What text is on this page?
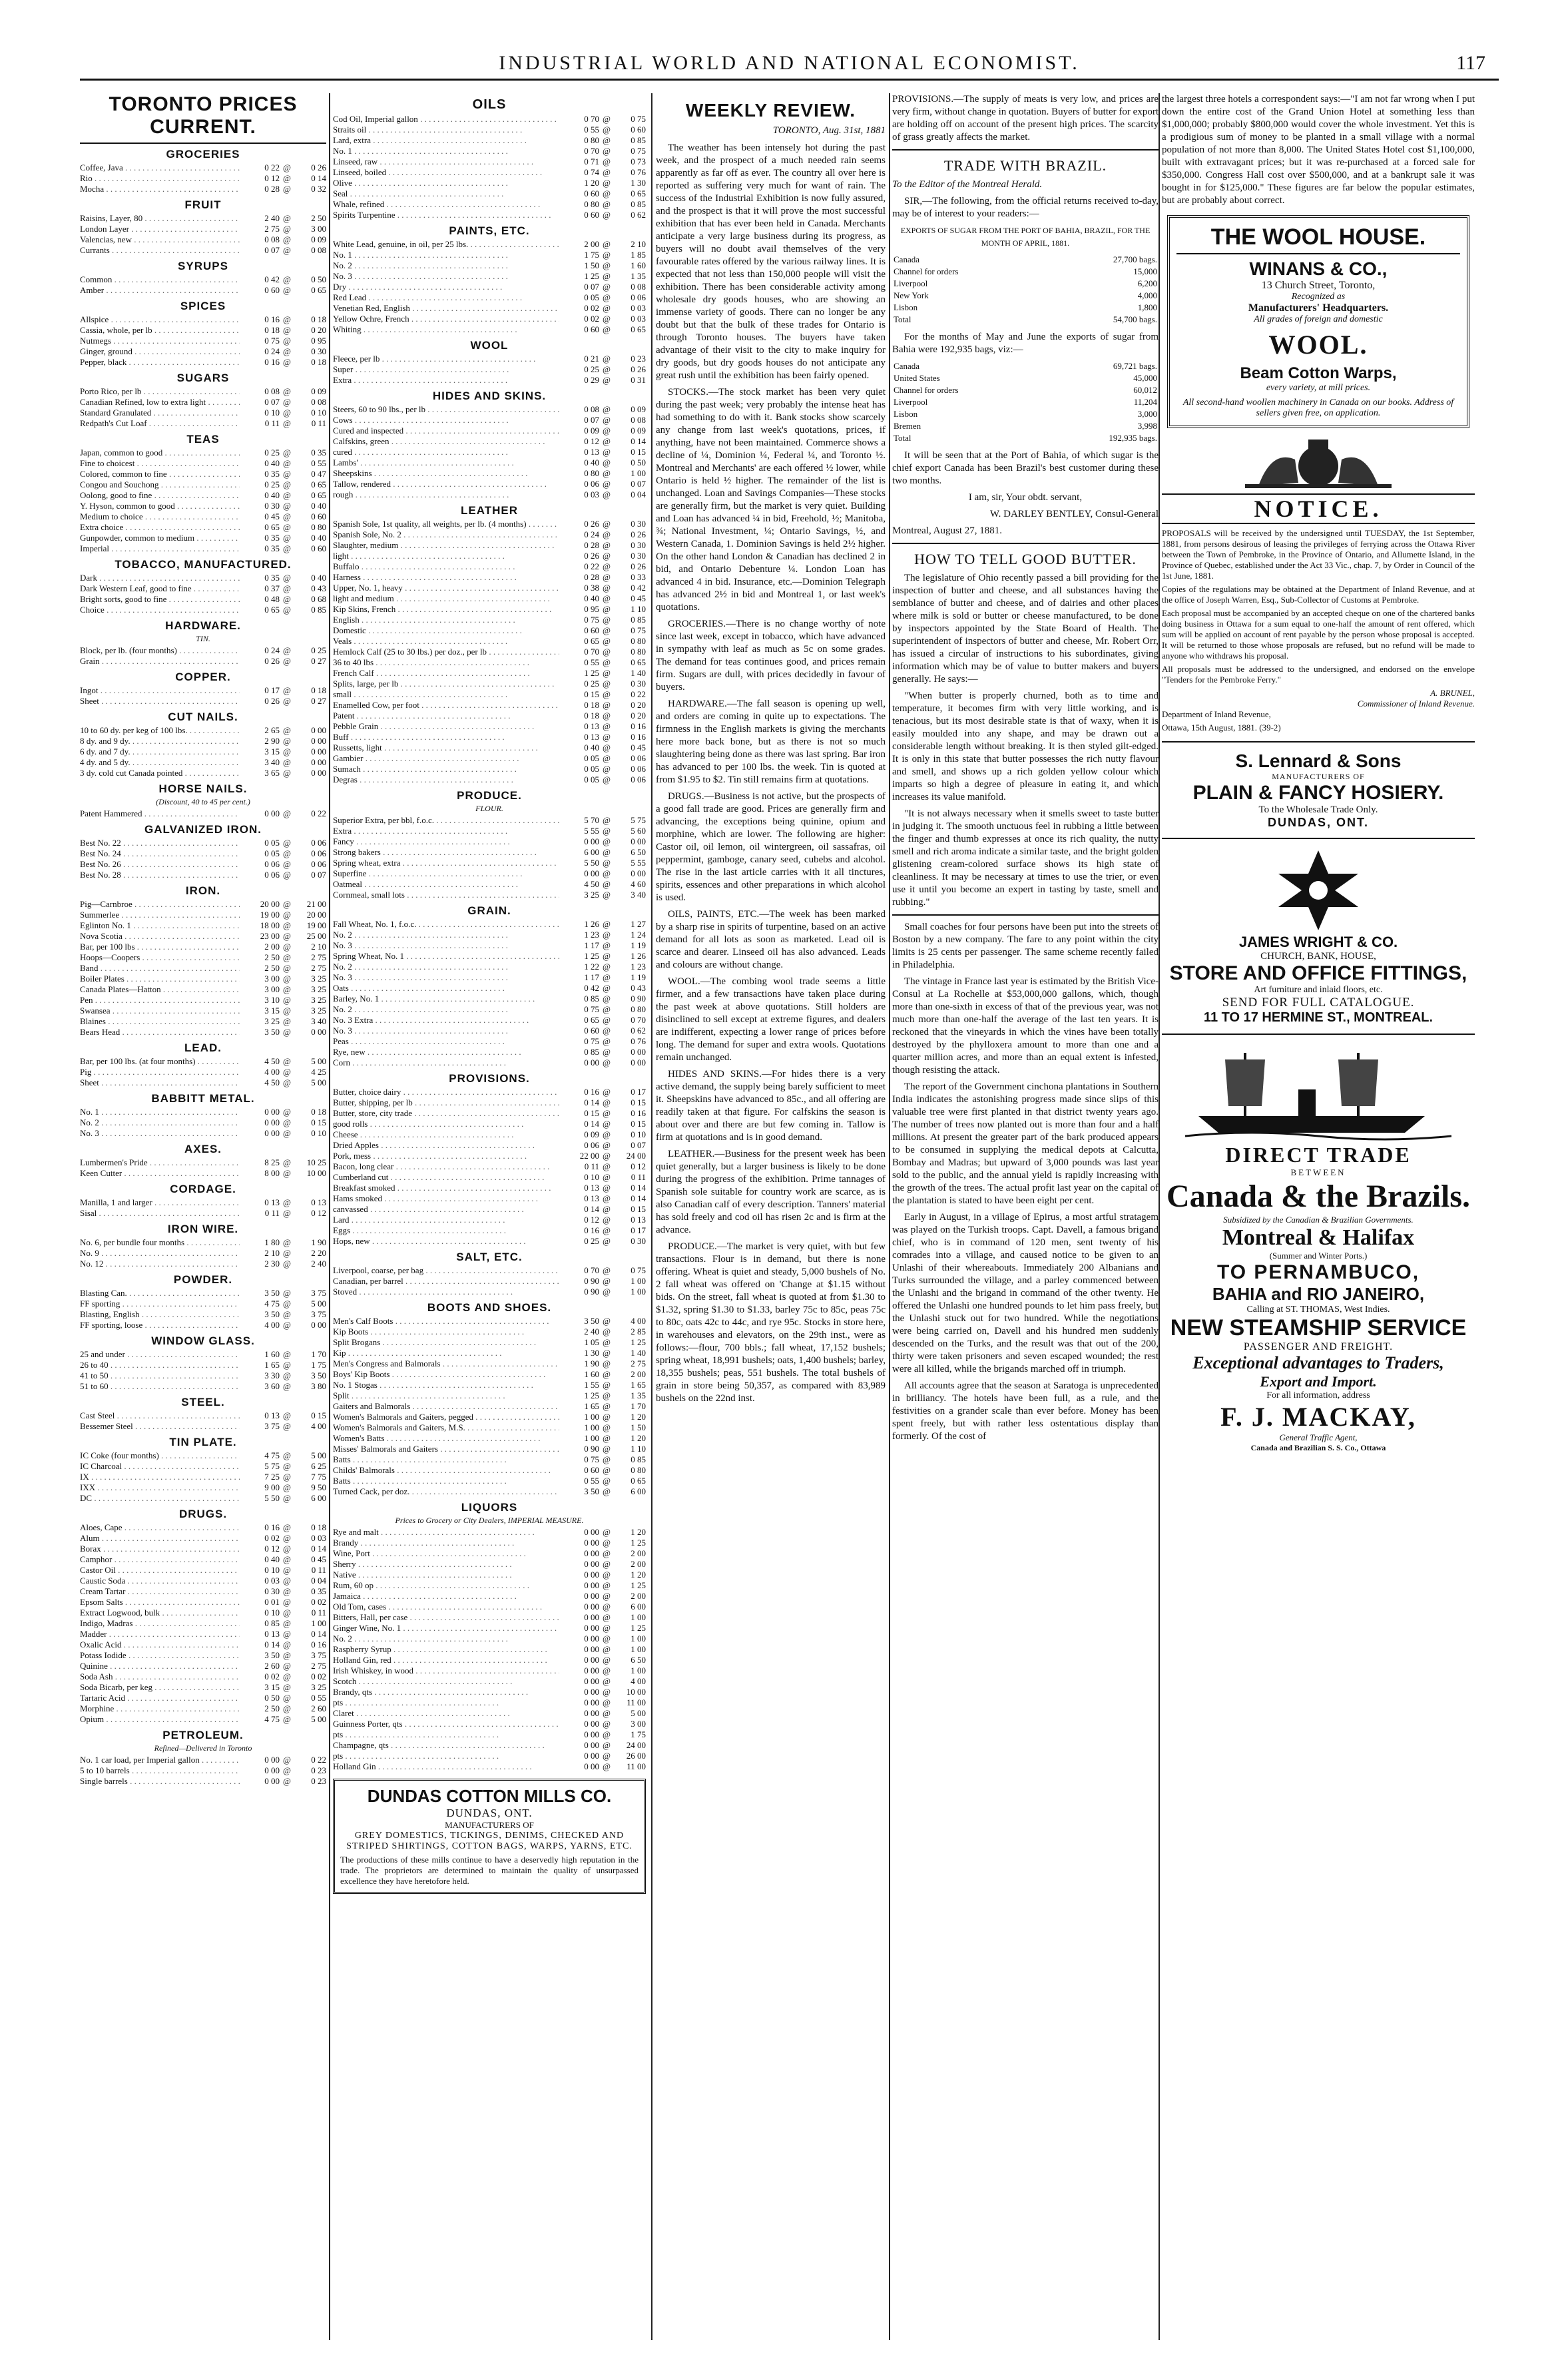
INDUSTRIAL WORLD AND NATIONAL ECONOMIST.	117
TORONTO PRICES CURRENT.
GROCERIES
Coffee, Java . . .	0 22 @	0 26
Rio . . .	0 12 @	0 14
Mocha . . .	0 28 @	0 32
FRUIT
Raisins, Layer, 80 . . .	2 40 @	2 50
London Layer . . .	2 75 @	3 00
Valencias, new . . .	0 08 @	0 09
Currants . . .	0 07 @	0 08
SYRUPS
Common . . .	0 42 @	0 50
Amber . . .	0 60 @	0 65
SPICES
Allspice . . .	0 16 @	0 18
Cassia, whole, per lb . . .	0 18 @	0 20
Nutmegs . . .	0 75 @	0 95
Ginger, ground . . .	0 24 @	0 30
Pepper, black . . .	0 16 @	0 18
SUGARS
Porto Rico, per lb . . .	0 08 @	0 09
Canadian Refined, low to extra light . . .	0 07 @	0 08
Standard Granulated . . .	0 10 @	0 10
Redpath's Cut Loaf . . .	0 11 @	0 11
TEAS
Japan, common to good . . .	0 25 @	0 35
Fine to choicest . . .	0 40 @	0 55
Colored, common to fine . . .	0 35 @	0 47
Congou and Souchong . . .	0 25 @	0 65
Oolong, good to fine . . .	0 40 @	0 65
Y. Hyson, common to good . . .	0 30 @	0 40
Medium to choice . . .	0 45 @	0 60
Extra choice . . .	0 65 @	0 80
Gunpowder, common to medium . . .	0 35 @	0 40
Imperial . . .	0 35 @	0 60
TOBACCO, MANUFACTURED.
Dark . . .	0 35 @	0 40
Dark Western Leaf, good to fine . . .	0 37 @	0 43
Bright sorts, good to fine . . .	0 48 @	0 68
Choice . . .	0 65 @	0 85
HARDWARE.
TIN.
Block, per lb. (four months) . . .	0 24 @	0 25
Grain . . .	0 26 @	0 27
COPPER.
Ingot . . .	0 17 @	0 18
Sheet . . .	0 26 @	0 27
CUT NAILS.
10 to 60 dy. per keg of 100 lbs. . . .	2 65 @	0 00
8 dy. and 9 dy. . . .	2 90 @	0 00
6 dy. and 7 dy. . . .	3 15 @	0 00
4 dy. and 5 dy. . . .	3 40 @	0 00
3 dy. cold cut Canada pointed . . .	3 65 @	0 00
HORSE NAILS.
(Discount, 40 to 45 per cent.)
Patent Hammered . . .	0 00 @	0 22
GALVANIZED IRON.
Best No. 22 . . .	0 05 @	0 06
Best No. 24 . . .	0 05 @	0 06
Best No. 26 . . .	0 06 @	0 06
Best No. 28 . . .	0 06 @	0 07
IRON.
Pig—Carnbroe . . .	20 00 @	21 00
Summerlee . . .	19 00 @	20 00
Eglinton No. 1 . . .	18 00 @	19 00
Nova Scotia . . .	23 00 @	25 00
Bar, per 100 lbs . . .	2 00 @	2 10
Hoops—Coopers . . .	2 50 @	2 75
Band . . .	2 50 @	2 75
Boiler Plates . . .	3 00 @	3 25
Canada Plates—Hatton . . .	3 00 @	3 25
Pen . . .	3 10 @	3 25
Swansea . . .	3 15 @	3 25
Blaines . . .	3 25 @	3 40
Bears Head . . .	3 50 @	0 00
LEAD.
Bar, per 100 lbs. (at four months) . . .	4 50 @	5 00
Pig . . .	4 00 @	4 25
Sheet . . .	4 50 @	5 00
BABBITT METAL.
No. 1 . . .	0 00 @	0 18
No. 2 . . .	0 00 @	0 15
No. 3 . . .	0 00 @	0 10
AXES.
Lumbermen's Pride . . .	8 25 @	10 25
Keen Cutter . . .	8 00 @	10 00
CORDAGE.
Manilla, 1 and larger . . .	0 13 @	0 13
Sisal . . .	0 11 @	0 12
IRON WIRE.
No. 6, per bundle four months . . .	1 80 @	1 90
No. 9 . . .	2 10 @	2 20
No. 12 . . .	2 30 @	2 40
POWDER.
Blasting Can. . . .	3 50 @	3 75
FF sporting . . .	4 75 @	5 00
Blasting, English . . .	3 50 @	3 75
FF sporting, loose . . .	4 00 @	0 00
WINDOW GLASS.
25 and under . . .	1 60 @	1 70
26 to 40 . . .	1 65 @	1 75
41 to 50 . . .	3 30 @	3 50
51 to 60 . . .	3 60 @	3 80
STEEL.
Cast Steel . . .	0 13 @	0 15
Bessemer Steel . . .	3 75 @	4 00
TIN PLATE.
IC Coke (four months) . . .	4 75 @	5 00
IC Charcoal . . .	5 75 @	6 25
IX . . .	7 25 @	7 75
IXX . . .	9 00 @	9 50
DC . . .	5 50 @	6 00
DRUGS.
Aloes, Cape . . .	0 16 @	0 18
Alum . . .	0 02 @	0 03
Borax . . .	0 12 @	0 14
Camphor . . .	0 40 @	0 45
Castor Oil . . .	0 10 @	0 11
Caustic Soda . . .	0 03 @	0 04
Cream Tartar . . .	0 30 @	0 35
Epsom Salts . . .	0 01 @	0 02
Extract Logwood, bulk . . .	0 10 @	0 11
Indigo, Madras . . .	0 85 @	1 00
Madder . . .	0 13 @	0 14
Oxalic Acid . . .	0 14 @	0 16
Potass Iodide . . .	3 50 @	3 75
Quinine . . .	2 60 @	2 75
Soda Ash . . .	0 02 @	0 02
Soda Bicarb, per keg . . .	3 15 @	3 25
Tartaric Acid . . .	0 50 @	0 55
Morphine . . .	2 50 @	2 60
Opium . . .	4 75 @	5 00
PETROLEUM.
Refined—Delivered in Toronto
No. 1 car load, per Imperial gallon . . .	0 00 @	0 22
5 to 10 barrels . . .	0 00 @	0 23
Single barrels . . .	0 00 @	0 23
OILS
Cod Oil, Imperial gallon . . .	0 70 @	0 75
Straits oil . . .	0 55 @	0 60
Lard, extra . . .	0 80 @	0 85
No. 1 . . .	0 70 @	0 75
Linseed, raw . . .	0 71 @	0 73
Linseed, boiled . . .	0 74 @	0 76
Olive . . .	1 20 @	1 30
Seal . . .	0 60 @	0 65
Whale, refined . . .	0 80 @	0 85
Spirits Turpentine . . .	0 60 @	0 62
PAINTS, ETC.
White Lead, genuine, in oil, per 25 lbs. . . .	2 00 @	2 10
No. 1 . . .	1 75 @	1 85
No. 2 . . .	1 50 @	1 60
No. 3 . . .	1 25 @	1 35
Dry . . .	0 07 @	0 08
Red Lead . . .	0 05 @	0 06
Venetian Red, English . . .	0 02 @	0 03
Yellow Ochre, French . . .	0 02 @	0 03
Whiting . . .	0 60 @	0 65
WOOL
Fleece, per lb . . .	0 21 @	0 23
Super . . .	0 25 @	0 26
Extra . . .	0 29 @	0 31
HIDES AND SKINS.
Steers, 60 to 90 lbs., per lb . . .	0 08 @	0 09
Cows . . .	0 07 @	0 08
Cured and inspected . . .	0 09 @	0 09
Calfskins, green . . .	0 12 @	0 14
cured . . .	0 13 @	0 15
Lambs' . . .	0 40 @	0 50
Sheepskins . . .	0 80 @	1 00
Tallow, rendered . . .	0 06 @	0 07
rough . . .	0 03 @	0 04
LEATHER
Spanish Sole, 1st quality, all weights, per lb. (4 months) . . .	0 26 @	0 30
Spanish Sole, No. 2 . . .	0 24 @	0 26
Slaughter, medium . . .	0 28 @	0 30
light . . .	0 26 @	0 30
Buffalo . . .	0 22 @	0 26
Harness . . .	0 28 @	0 33
Upper, No. 1, heavy . . .	0 38 @	0 42
light and medium . . .	0 40 @	0 45
Kip Skins, French . . .	0 95 @	1 10
English . . .	0 75 @	0 85
Domestic . . .	0 60 @	0 75
Veals . . .	0 65 @	0 80
Hemlock Calf (25 to 30 lbs.) per doz., per lb . . .	0 70 @	0 80
36 to 40 lbs . . .	0 55 @	0 65
French Calf . . .	1 25 @	1 40
Splits, large, per lb . . .	0 25 @	0 30
small . . .	0 15 @	0 22
Enamelled Cow, per foot . . .	0 18 @	0 20
Patent . . .	0 18 @	0 20
Pebble Grain . . .	0 13 @	0 16
Buff . . .	0 13 @	0 16
Russetts, light . . .	0 40 @	0 45
Gambier . . .	0 05 @	0 06
Sumach . . .	0 05 @	0 06
Degras . . .	0 05 @	0 06
PRODUCE.
FLOUR.
Superior Extra, per bbl, f.o.c. . . .	5 70 @	5 75
Extra . . .	5 55 @	5 60
Fancy . . .	0 00 @	0 00
Strong bakers . . .	6 00 @	6 50
Spring wheat, extra . . .	5 50 @	5 55
Superfine . . .	0 00 @	0 00
Oatmeal . . .	4 50 @	4 60
Cornmeal, small lots . . .	3 25 @	3 40
GRAIN.
Fall Wheat, No. 1, f.o.c. . . .	1 26 @	1 27
No. 2 . . .	1 23 @	1 24
No. 3 . . .	1 17 @	1 19
Spring Wheat, No. 1 . . .	1 25 @	1 26
No. 2 . . .	1 22 @	1 23
No. 3 . . .	1 17 @	1 19
Oats . . .	0 42 @	0 43
Barley, No. 1 . . .	0 85 @	0 90
No. 2 . . .	0 75 @	0 80
No. 3 Extra . . .	0 65 @	0 70
No. 3 . . .	0 60 @	0 62
Peas . . .	0 75 @	0 76
Rye, new . . .	0 85 @	0 00
Corn . . .	0 00 @	0 00
PROVISIONS.
Butter, choice dairy . . .	0 16 @	0 17
Butter, shipping, per lb . . .	0 14 @	0 15
Butter, store, city trade . . .	0 15 @	0 16
good rolls . . .	0 14 @	0 15
Cheese . . .	0 09 @	0 10
Dried Apples . . .	0 06 @	0 07
Pork, mess . . .	22 00 @	24 00
Bacon, long clear . . .	0 11 @	0 12
Cumberland cut . . .	0 10 @	0 11
Breakfast smoked . . .	0 13 @	0 14
Hams smoked . . .	0 13 @	0 14
canvassed . . .	0 14 @	0 15
Lard . . .	0 12 @	0 13
Eggs . . .	0 16 @	0 17
Hops, new . . .	0 25 @	0 30
SALT, ETC.
Liverpool, coarse, per bag . . .	0 70 @	0 75
Canadian, per barrel . . .	0 90 @	1 00
Stoved . . .	0 90 @	1 00
BOOTS AND SHOES.
Men's Calf Boots . . .	3 50 @	4 00
Kip Boots . . .	2 40 @	2 85
Split Brogans . . .	1 05 @	1 25
Kip . . .	1 30 @	1 40
Men's Congress and Balmorals . . .	1 90 @	2 75
Boys' Kip Boots . . .	1 60 @	2 00
No. 1 Stogas . . .	1 55 @	1 65
Split . . .	1 25 @	1 35
Gaiters and Balmorals . . .	1 65 @	1 70
Women's Balmorals and Gaiters, pegged . . .	1 00 @	1 20
Women's Balmorals and Gaiters, M.S. . . .	1 00 @	1 50
Women's Batts . . .	1 00 @	1 20
Misses' Balmorals and Gaiters . . .	0 90 @	1 10
Batts . . .	0 75 @	0 85
Childs' Balmorals . . .	0 60 @	0 80
Batts . . .	0 55 @	0 65
Turned Cack, per doz. . . .	3 50 @	6 00
LIQUORS
Prices to Grocery or City Dealers, IMPERIAL MEASURE.
Rye and malt . . .	0 00 @	1 20
Brandy . . .	0 00 @	1 25
Wine, Port . . .	0 00 @	2 00
Sherry . . .	0 00 @	2 00
Native . . .	0 00 @	1 20
Rum, 60 op . . .	0 00 @	1 25
Jamaica . . .	0 00 @	2 00
Old Tom, cases . . .	0 00 @	6 00
Bitters, Hall, per case . . .	0 00 @	1 00
Ginger Wine, No. 1 . . .	0 00 @	1 25
No. 2 . . .	0 00 @	1 00
Raspberry Syrup . . .	0 00 @	1 00
Holland Gin, red . . .	0 00 @	6 50
Irish Whiskey, in wood . . .	0 00 @	1 00
Scotch . . .	0 00 @	4 00
Brandy, qts . . .	0 00 @	10 00
pts . . .	0 00 @	11 00
Claret . . .	0 00 @	5 00
Guinness Porter, qts . . .	0 00 @	3 00
pts . . .	0 00 @	1 75
Champagne, qts . . .	0 00 @	24 00
pts . . .	0 00 @	26 00
Holland Gin . . .	0 00 @	11 00
DUNDAS COTTON MILLS CO.
DUNDAS, ONT.
MANUFACTURERS OF
GREY DOMESTICS, TICKINGS, DENIMS, CHECKED AND STRIPED SHIRTINGS, COTTON BAGS, WARPS, YARNS, ETC.
The productions of these mills continue to have a deservedly high reputation in the trade. The proprietors are determined to maintain the quality of unsurpassed excellence they have heretofore held.
WEEKLY REVIEW.
TORONTO, Aug. 31st, 1881

The weather has been intensely hot during the past week, and the prospect of a much needed rain seems apparently as far off as ever. The country all over here is reported as suffering very much for want of rain. The success of the Industrial Exhibition is now fully assured, and the prospect is that it will prove the most successful exhibition that has ever been held in Canada. Merchants anticipate a very large business during its progress, as buyers will no doubt avail themselves of the very favourable rates offered by the various railway lines. It is expected that not less than 150,000 people will visit the exhibition. There has been considerable activity among wholesale dry goods houses, who are showing an immense variety of goods. There can no longer be any doubt but that the bulk of these trades for Ontario is through Toronto houses. The buyers have taken advantage of their visit to the city to make inquiry for dry goods, but dry goods houses do not anticipate any great rush until the exhibition has been fairly opened.

STOCKS.—The stock market has been very quiet during the past week; very probably the intense heat has had something to do with it. Bank stocks show scarcely any change from last week's quotations, prices, if anything, have not been maintained. Commerce shows a decline of ¼, Dominion ¼, Federal ¼, and Toronto ½. Montreal and Merchants' are each offered ½ lower, while Ontario is held ½ higher. The remainder of the list is unchanged. Loan and Savings Companies—These stocks are generally firm, but the market is very quiet. Building and Loan has advanced ¼ in bid, Freehold, ½; Manitoba, ¾; National Investment, ¼; Ontario Savings, ½, and Western Canada, 1. Dominion Savings is held 2½ higher. On the other hand London & Canadian has declined 2 in bid, and Ontario Debenture ¼. London Loan has advanced 4 in bid. Insurance, etc.—Dominion Telegraph has advanced 2½ in bid and Montreal 1, or last week's quotations.

GROCERIES.—There is no change worthy of note since last week, except in tobacco, which have advanced in sympathy with leaf as much as 5c on some grades. The demand for teas continues good, and prices remain firm. Sugars are dull, with prices decidedly in favour of buyers.

HARDWARE.—The fall season is opening up well, and orders are coming in quite up to expectations. The firmness in the English markets is giving the merchants here more back bone, but as there is not so much slaughtering being done as there was last spring. Bar iron has advanced to per 100 lbs. the week. Tin is quoted at from $1.95 to $2. Tin still remains firm at quotations.

DRUGS.—Business is not active, but the prospects of a good fall trade are good. Prices are generally firm and advancing, the exceptions being quinine, opium and morphine, which are lower. The following are higher: Castor oil, oil lemon, oil wintergreen, oil sassafras, oil peppermint, gamboge, canary seed, cubebs and alcohol. The rise in the last article carries with it all tinctures, spirits, essences and other preparations in which alcohol is used.

OILS, PAINTS, ETC.—The week has been marked by a sharp rise in spirits of turpentine, based on an active demand for all lots as soon as marketed. Lead oil is scarce and dearer. Linseed oil has also advanced. Leads and colours are without change.

WOOL.—The combing wool trade seems a little firmer, and a few transactions have taken place during the past week at above quotations. Still holders are disinclined to sell except at extreme figures, and dealers are indifferent, expecting a lower range of prices before long. The demand for super and extra wools. Quotations remain unchanged.

HIDES AND SKINS.—For hides there is a very active demand, the supply being barely sufficient to meet it. Sheepskins have advanced to 85c., and all offering are readily taken at that figure. For calfskins the season is about over and there are but few coming in. Tallow is firm at quotations and is in good demand.

LEATHER.—Business for the present week has been quiet generally, but a larger business is likely to be done during the progress of the exhibition. Prime tannages of Spanish sole suitable for country work are scarce, as is also Canadian calf of every description. Tanners' material has sold freely and cod oil has risen 2c and is firm at the advance.

PRODUCE.—The market is very quiet, with but few transactions. Flour is in demand, but there is none offering. Wheat is quiet and steady, 5,000 bushels of No. 2 fall wheat was offered on 'Change at $1.15 without bids. On the street, fall wheat is quoted at from $1.30 to $1.32, spring $1.30 to $1.33, barley 75c to 85c, peas 75c to 80c, oats 42c to 44c, and rye 95c. Stocks in store here, in warehouses and elevators, on the 29th inst., were as follows:—flour, 700 bbls.; fall wheat, 17,152 bushels; spring wheat, 18,991 bushels; oats, 1,400 bushels; barley, 18,355 bushels; peas, 551 bushels. The total bushels of grain in store being 50,357, as compared with 83,989 bushels on the 22nd inst.

PROVISIONS.—The supply of meats is very low, and prices are very firm, without change in quotation. Buyers of butter for export are holding off on account of the present high prices. The scarcity of grass greatly affects the market.

TRADE WITH BRAZIL.

To the Editor of the Montreal Herald.

SIR,—The following, from the official returns received to-day, may be of interest to your readers:—

EXPORTS OF SUGAR FROM THE PORT OF BAHIA, BRAZIL, FOR THE MONTH OF APRIL, 1881.

Canada	27,700 bags.
Channel for orders	15,000
Liverpool	6,200
New York	4,000
Lisbon	1,800
Total	54,700 bags.

For the months of May and June the exports of sugar from Bahia were 192,935 bags, viz:—

Canada	69,721 bags.
United States	45,000
Channel for orders	60,012
Liverpool	11,204
Lisbon	3,000
Bremen	3,998
Total	192,935 bags.

It will be seen that at the Port of Bahia, of which sugar is the chief export Canada has been Brazil's best customer during these two months.

I am, sir, Your obdt. servant,

W. DARLEY BENTLEY, Consul-General

Montreal, August 27, 1881.

HOW TO TELL GOOD BUTTER.

The legislature of Ohio recently passed a bill providing for the inspection of butter and cheese, and all substances having the semblance of butter and cheese, and of dairies and other places where milk is sold or butter or cheese manufactured, to be done by inspectors appointed by the State Board of Health. The superintendent of inspectors of butter and cheese, Mr. Robert Orr, has issued a circular of instructions to his subordinates, giving information which may be of value to butter makers and buyers generally. He says:—

"When butter is properly churned, both as to time and temperature, it becomes firm with very little working, and is tenacious, but its most desirable state is that of waxy, when it is easily moulded into any shape, and may be drawn out a considerable length without breaking. It is then styled gilt-edged. It is only in this state that butter possesses the rich nutty flavour and smell, and shows up a rich golden yellow colour which imparts so high a degree of pleasure in eating it, and which increases its value manifold.

"It is not always necessary when it smells sweet to taste butter in judging it. The smooth unctuous feel in rubbing a little between the finger and thumb expresses at once its rich quality, the nutty smell and rich aroma indicate a similar taste, and the bright golden glistening cream-colored surface shows its high state of cleanliness. It may be necessary at times to use the trier, or even use it until you become an expert in tasting by taste, smell and rubbing."

Small coaches for four persons have been put into the streets of Boston by a new company. The fare to any point within the city limits is 25 cents per passenger. The same scheme recently failed in Philadelphia.

The vintage in France last year is estimated by the British Vice-Consul at La Rochelle at $53,000,000 gallons, which, though more than one-sixth in excess of that of the previous year, was not much more than one-half the average of the last ten years. It is reckoned that the vineyards in which the vines have been totally destroyed by the phylloxera amount to more than one and a quarter million acres, and more than an equal extent is infested, though resisting the attack.

The report of the Government cinchona plantations in Southern India indicates the astonishing progress made since slips of this valuable tree were first planted in that district twenty years ago. The number of trees now planted out is more than four and a half millions. At present the greater part of the bark produced appears to be consumed in supplying the medical depots at Calcutta, Bombay and Madras; but upward of 3,000 pounds was last year sold to the public, and the annual yield is rapidly increasing with the growth of the trees. The actual profit last year on the capital of the plantation is stated to have been eight per cent.

Early in August, in a village of Epirus, a most artful stratagem was played on the Turkish troops. Capt. Davell, a famous brigand chief, who is in command of 120 men, sent twenty of his comrades into a village, and caused notice to be given to an Unlashi of their whereabouts. Immediately 200 Albanians and Turks surrounded the village, and a parley commenced between the Unlashi and the brigand in command of the other twenty. He offered the Unlashi one hundred pounds to let him pass freely, but the Unlashi stuck out for two hundred. While the negotiations were being carried on, Davell and his hundred men suddenly descended on the Turks, and the result was that out of the 200, thirty were taken prisoners and seven escaped wounded; the rest were all killed, while the brigands marched off in triumph.

All accounts agree that the season at Saratoga is unprecedented in brilliancy. The hotels have been full, as a rule, and the festivities on a grander scale than ever before. Money has been spent freely, but with rather less ostentatious display than formerly. Of the cost of

the largest three hotels a correspondent says:—"I am not far wrong when I put down the entire cost of the Grand Union Hotel at something less than $1,000,000; probably $800,000 would cover the whole investment. Yet this is a prodigious sum of money to be planted in a small village with a normal population of not more than 8,000. The United States Hotel cost $1,100,000, built with extravagant prices; but it was re-purchased at a forced sale for $350,000. Congress Hall cost over $500,000, and at a bankrupt sale it was bought in for $125,000." These figures are far below the popular estimates, but are probably about correct.

THE WOOL HOUSE.
WINANS & CO.,
13 Church Street, Toronto,
Recognized as
Manufacturers' Headquarters.
All grades of foreign and domestic
WOOL.
Beam Cotton Warps,
every variety, at mill prices.
All second-hand woollen machinery in Canada on our books. Address of sellers given free, on application.
NOTICE.

PROPOSALS will be received by the undersigned until TUESDAY, the 1st September, 1881, from persons desirous of leasing the privileges of ferrying across the Ottawa River between the Town of Pembroke, in the Province of Ontario, and Allumette Island, in the Province of Quebec, established under the Act 33 Vic., chap. 7, by Order in Council of the 1st June, 1881.

Copies of the regulations may be obtained at the Department of Inland Revenue, and at the office of Joseph Warren, Esq., Sub-Collector of Customs at Pembroke.

Each proposal must be accompanied by an accepted cheque on one of the chartered banks doing business in Ottawa for a sum equal to one-half the amount of rent offered, which sum will be applied on account of rent payable by the person whose proposal is accepted. It will be returned to those whose proposals are refused, but no refund will be made to anyone who withdraws his proposal.

All proposals must be addressed to the undersigned, and endorsed on the envelope "Tenders for the Pembroke Ferry."

A. BRUNEL,
Commissioner of Inland Revenue.
Department of Inland Revenue,
Ottawa, 15th August, 1881. (39-2)
S. Lennard & Sons
MANUFACTURERS OF
PLAIN & FANCY HOSIERY.
To the Wholesale Trade Only.
DUNDAS, ONT.
JAMES WRIGHT & CO.
CHURCH, BANK, HOUSE,
STORE AND OFFICE FITTINGS,
Art furniture and inlaid floors, etc.
SEND FOR FULL CATALOGUE.
11 TO 17 HERMINE ST., MONTREAL.
DIRECT TRADE
BETWEEN
Canada & the Brazils.
Subsidized by the Canadian & Brazilian Governments.
Montreal & Halifax
(Summer and Winter Ports.)
TO PERNAMBUCO,
BAHIA and RIO JANEIRO,
Calling at ST. THOMAS, West Indies.
NEW STEAMSHIP SERVICE
PASSENGER AND FREIGHT.
Exceptional advantages to Traders,
Export and Import.
For all information, address
F. J. MACKAY,
General Traffic Agent,
Canada and Brazilian S. S. Co., Ottawa
